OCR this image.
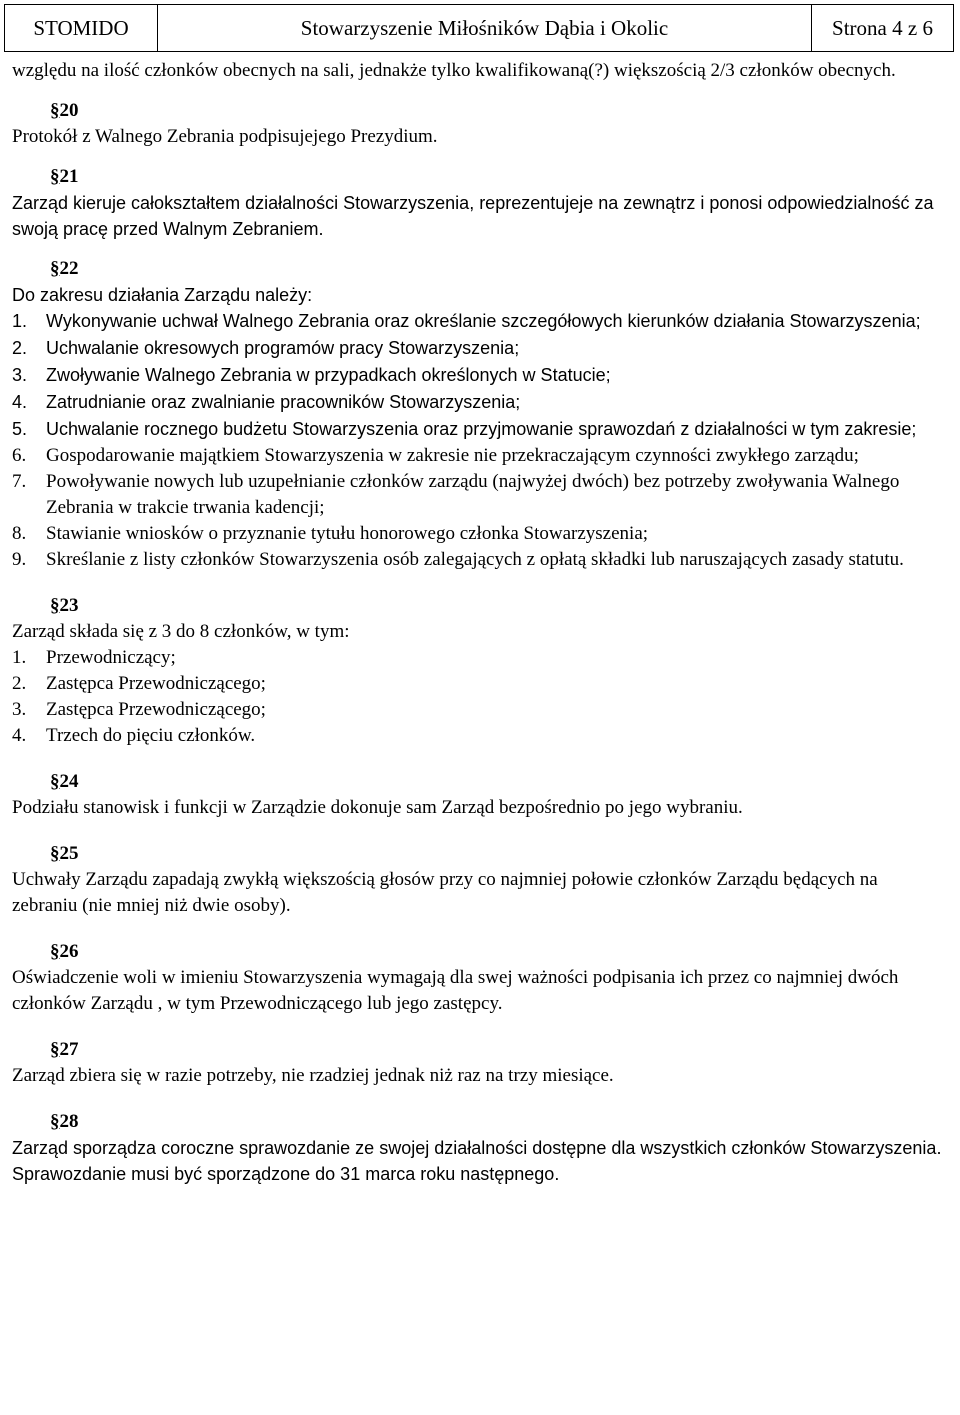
STOMIDO	Stowarzyszenie Miłośników Dąbia i Okolic	Strona 4 z 6

względu na ilość członków obecnych na sali, jednakże tylko kwalifikowaną(?) większością 2/3 członków obecnych.

§20

Protokół z Walnego Zebrania podpisujejego Prezydium.

§21

Zarząd kieruje całokształtem działalności Stowarzyszenia, reprezentujeje na zewnątrz i ponosi odpowiedzialność za swoją pracę przed Walnym Zebraniem.

§22

Do zakresu działania Zarządu należy:

1. Wykonywanie uchwał Walnego Zebrania oraz określanie szczegółowych kierunków działania Stowarzyszenia;
2. Uchwalanie okresowych programów pracy Stowarzyszenia;
3. Zwoływanie Walnego Zebrania w przypadkach określonych w Statucie;
4. Zatrudnianie oraz zwalnianie pracowników Stowarzyszenia;
5. Uchwalanie rocznego budżetu Stowarzyszenia oraz przyjmowanie sprawozdań z działalności w tym zakresie;
6. Gospodarowanie majątkiem Stowarzyszenia w zakresie nie przekraczającym czynności zwykłego zarządu;
7. Powoływanie nowych lub uzupełnianie członków zarządu (najwyżej dwóch) bez potrzeby zwoływania Walnego Zebrania w trakcie trwania kadencji;
8. Stawianie wniosków o przyznanie tytułu honorowego członka Stowarzyszenia;
9. Skreślanie z listy członków Stowarzyszenia osób zalegających z opłatą składki lub naruszających zasady statutu.
§23

Zarząd składa się z 3 do 8 członków, w tym:

1. Przewodniczący;
2. Zastępca Przewodniczącego;
3. Zastępca Przewodniczącego;
4. Trzech do pięciu członków.
§24

Podziału stanowisk i funkcji w Zarządzie dokonuje sam Zarząd bezpośrednio po jego wybraniu.

§25

Uchwały Zarządu zapadają zwykłą większością głosów przy co najmniej połowie członków Zarządu będących na zebraniu (nie mniej niż dwie osoby).

§26

Oświadczenie woli w imieniu Stowarzyszenia wymagają dla swej ważności podpisania ich przez co najmniej dwóch członków Zarządu , w tym Przewodniczącego lub jego zastępcy.

§27

Zarząd zbiera się w razie potrzeby, nie rzadziej jednak niż raz na trzy miesiące.

§28

Zarząd sporządza coroczne sprawozdanie ze swojej działalności dostępne dla wszystkich członków Stowarzyszenia. Sprawozdanie musi być sporządzone do 31 marca roku następnego.
